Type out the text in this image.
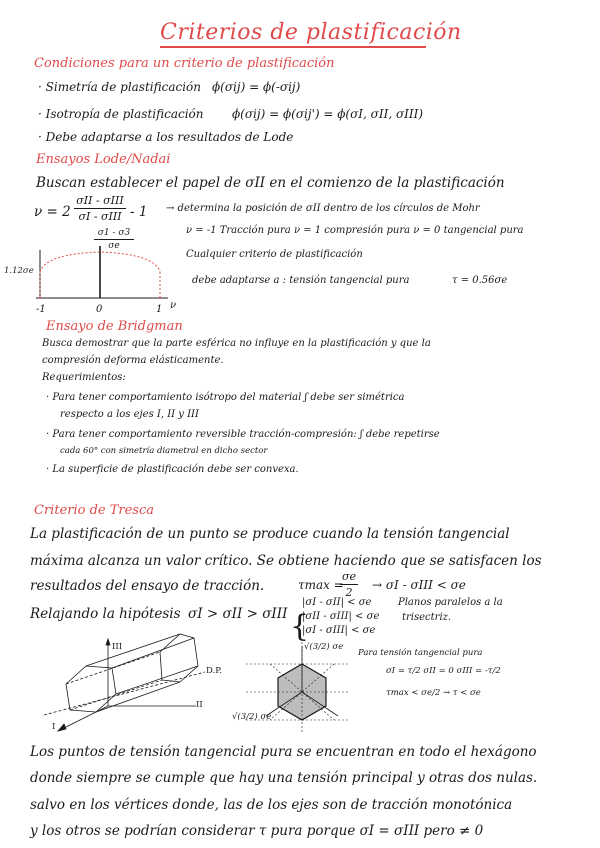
Criterios de plastificación
Condiciones para un criterio de plastificación
· Simetría de plastificación ϕ(σij) = ϕ(-σij)
· Isotropía de plastificación ϕ(σij) = ϕ(σij') = ϕ(σI, σII, σIII)
· Debe adaptarse a los resultados de Lode
Ensayos Lode/Nadai
Buscan establecer el papel de σII en el comienzo de la plastificación
ν = 2
σII - σIII
σI - σIII - 1 → determina la posición de σII dentro de los círculos de Mohr
ν = -1 Tracción pura ν = 1 compresión pura ν = 0 tangencial pura
Cualquier criterio de plastificación
debe adaptarse a : tensión tangencial pura	τ = 0.56σe
σ1 - σ3
σe
1.12σe
-1	0	1 ν
Ensayo de Bridgman
Busca demostrar que la parte esférica no influye en la plastificación y que la
compresión deforma elásticamente.
Requerimientos:
· Para tener comportamiento isótropo del material ʃ debe ser simétrica
respecto a los ejes I, II y III
· Para tener comportamiento reversible tracción-compresión: ʃ debe repetirse
cada 60° con simetría diametral en dicho sector
· La superficie de plastificación debe ser convexa.
Criterio de Tresca
La plastificación de un punto se produce cuando la tensión tangencial
máxima alcanza un valor crítico. Se obtiene haciendo que se satisfacen los
resultados del ensayo de tracción.	τmax =
σe
2
→ σI - σIII < σe
Relajando la hipótesis σI > σII > σIII {
|σI - σII| < σe
|σII - σIII| < σe
|σI - σIII| < σe
Planos paralelos a la
trisectriz.
III
D.P.
II
I
√(3/2) σe
√(3/2) σe
Para tensión tangencial pura
σI = τ/2 σII = 0 σIII = -τ/2
τmax < σe/2 → τ < σe
Los puntos de tensión tangencial pura se encuentran en todo el hexágono
donde siempre se cumple que hay una tensión principal y otras dos nulas.
salvo en los vértices donde, las de los ejes son de tracción monotónica
y los otros se podrían considerar τ pura porque σI = σIII pero ≠ 0
